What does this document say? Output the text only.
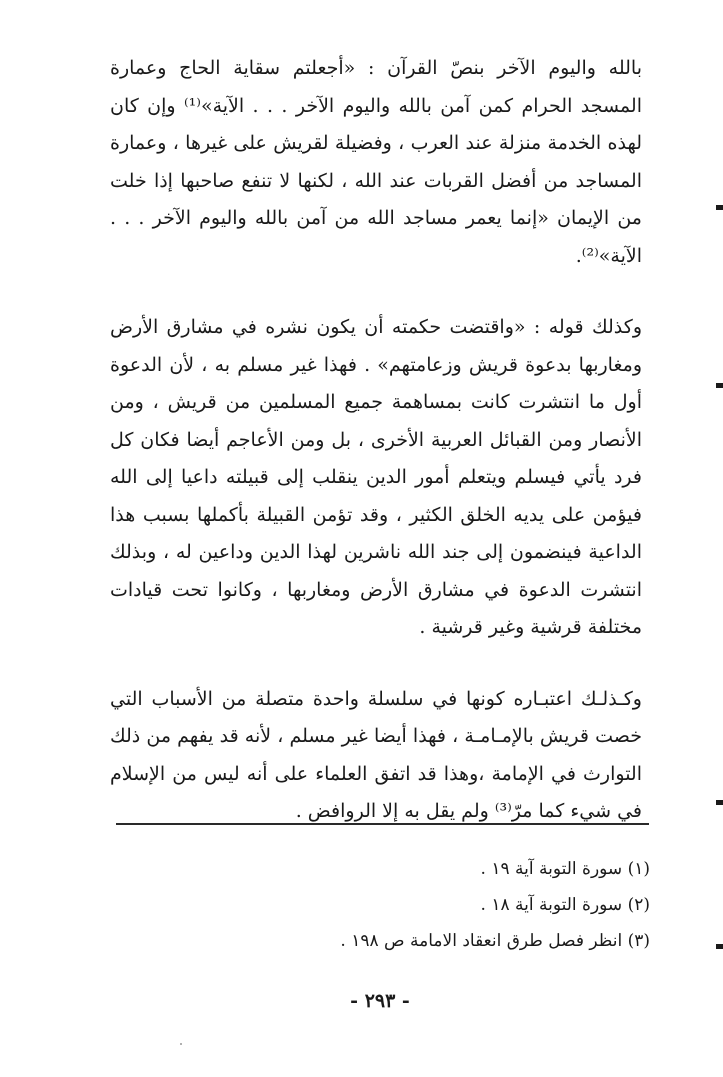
بالله واليوم الآخر بنصّ القرآن : «أجعلتم سقاية الحاج وعمارة المسجد الحرام كمن آمن بالله واليوم الآخر . . . الآية»⁽¹⁾ وإن كان لهذه الخدمة منزلة عند العرب ، وفضيلة لقريش على غيرها ، وعمارة المساجد من أفضل القربات عند الله ، لكنها لا تنفع صاحبها إذا خلت من الإيمان «إنما يعمر مساجد الله من آمن بالله واليوم الآخر . . . الآية»⁽²⁾.

وكذلك قوله : «واقتضت حكمته أن يكون نشره في مشارق الأرض ومغاربها بدعوة قريش وزعامتهم» . فهذا غير مسلم به ، لأن الدعوة أول ما انتشرت كانت بمساهمة جميع المسلمين من قريش ، ومن الأنصار ومن القبائل العربية الأخرى ، بل ومن الأعاجم أيضا فكان كل فرد يأتي فيسلم ويتعلم أمور الدين ينقلب إلى قبيلته داعيا إلى الله فيؤمن على يديه الخلق الكثير ، وقد تؤمن القبيلة بأكملها بسبب هذا الداعية فينضمون إلى جند الله ناشرين لهذا الدين وداعين له ، وبذلك انتشرت الدعوة في مشارق الأرض ومغاربها ، وكانوا تحت قيادات مختلفة قرشية وغير قرشية .

وكـذلـك اعتبـاره كونها في سلسلة واحدة متصلة من الأسباب التي خصت قريش بالإمـامـة ، فهذا أيضا غير مسلم ، لأنه قد يفهم من ذلك التوارث في الإمامة ،وهذا قد اتفق العلماء على أنه ليس من الإسلام في شيء كما مرّ⁽³⁾ ولم يقل به إلا الروافض .

(١) سورة التوبة آية ١٩ .

(٢) سورة التوبة آية ١٨ .

(٣) انظر فصل طرق انعقاد الامامة ص ١٩٨ .

- ٢٩٣ -
